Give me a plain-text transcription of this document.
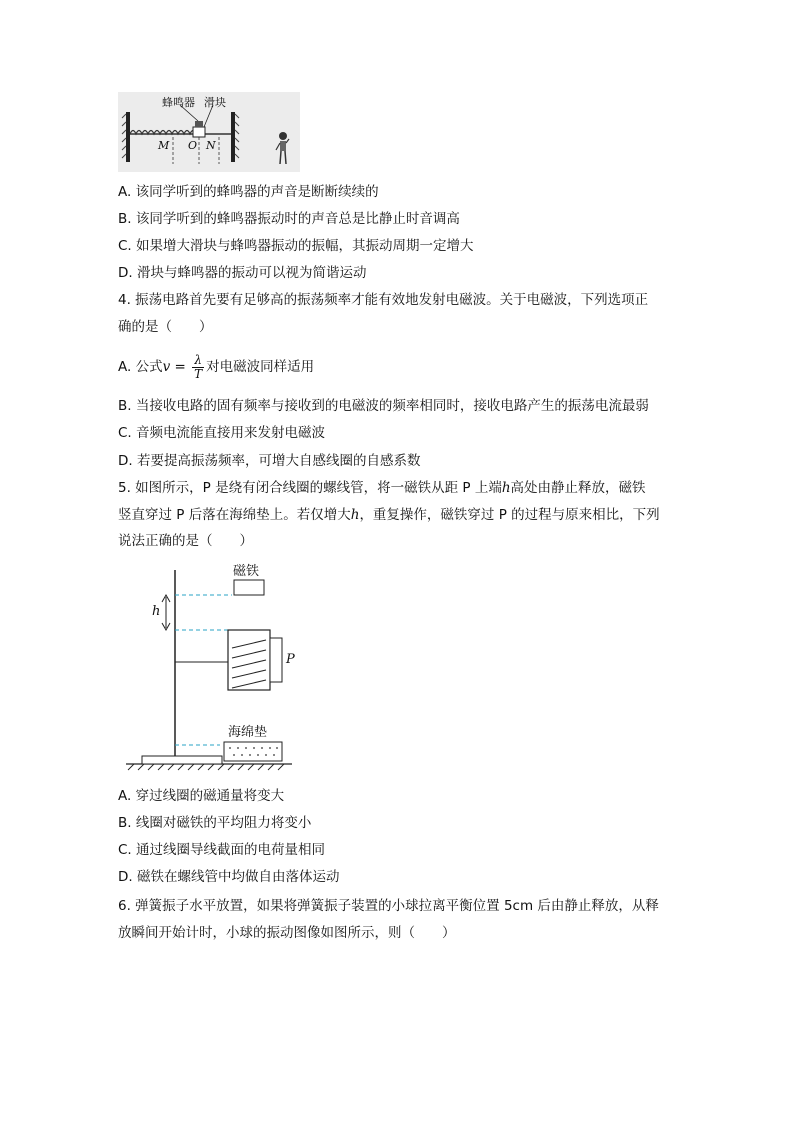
蜂鸣器 滑块
M O N
A. 该同学听到的蜂鸣器的声音是断断续续的
B. 该同学听到的蜂鸣器振动时的声音总是比静止时音调高
C. 如果增大滑块与蜂鸣器振动的振幅，其振动周期一定增大
D. 滑块与蜂鸣器的振动可以视为简谐运动
4. 振荡电路首先要有足够高的振荡频率才能有效地发射电磁波。关于电磁波，下列选项正
确的是（　　）
A. 公式$v = \frac{\lambda}{T}$ 对电磁波同样适用
B. 当接收电路的固有频率与接收到的电磁波的频率相同时，接收电路产生的振荡电流最弱
C. 音频电流能直接用来发射电磁波
D. 若要提高振荡频率，可增大自感线圈的自感系数
5. 如图所示，P 是绕有闭合线圈的螺线管，将一磁铁从距 P 上端h高处由静止释放，磁铁
竖直穿过 P 后落在海绵垫上。若仅增大h，重复操作，磁铁穿过 P 的过程与原来相比，下列
说法正确的是（　　）
磁铁
h
P
海绵垫
A. 穿过线圈的磁通量将变大
B. 线圈对磁铁的平均阻力将变小
C. 通过线圈导线截面的电荷量相同
D. 磁铁在螺线管中均做自由落体运动
6. 弹簧振子水平放置，如果将弹簧振子装置的小球拉离平衡位置 5cm 后由静止释放，从释
放瞬间开始计时，小球的振动图像如图所示，则（　　）
